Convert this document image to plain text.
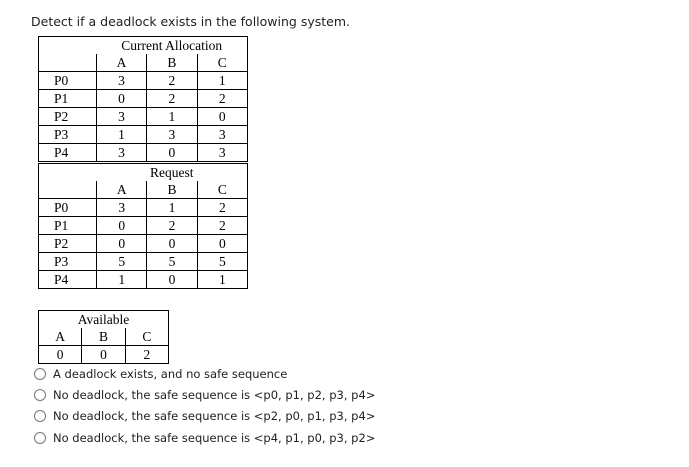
Detect if a deadlock exists in the following system.
	Current Allocation		
	A	B	C
P0	3	2	1
P1	0	2	2
P2	3	1	0
P3	1	3	3
P4	3	0	3
	Request		
	A	B	C
P0	3	1	2
P1	0	2	2
P2	0	0	0
P3	5	5	5
P4	1	0	1
Available		
A	B	C
0	0	2
A deadlock exists, and no safe sequence
No deadlock, the safe sequence is <p0, p1, p2, p3, p4>
No deadlock, the safe sequence is <p2, p0, p1, p3, p4>
No deadlock, the safe sequence is <p4, p1, p0, p3, p2>
